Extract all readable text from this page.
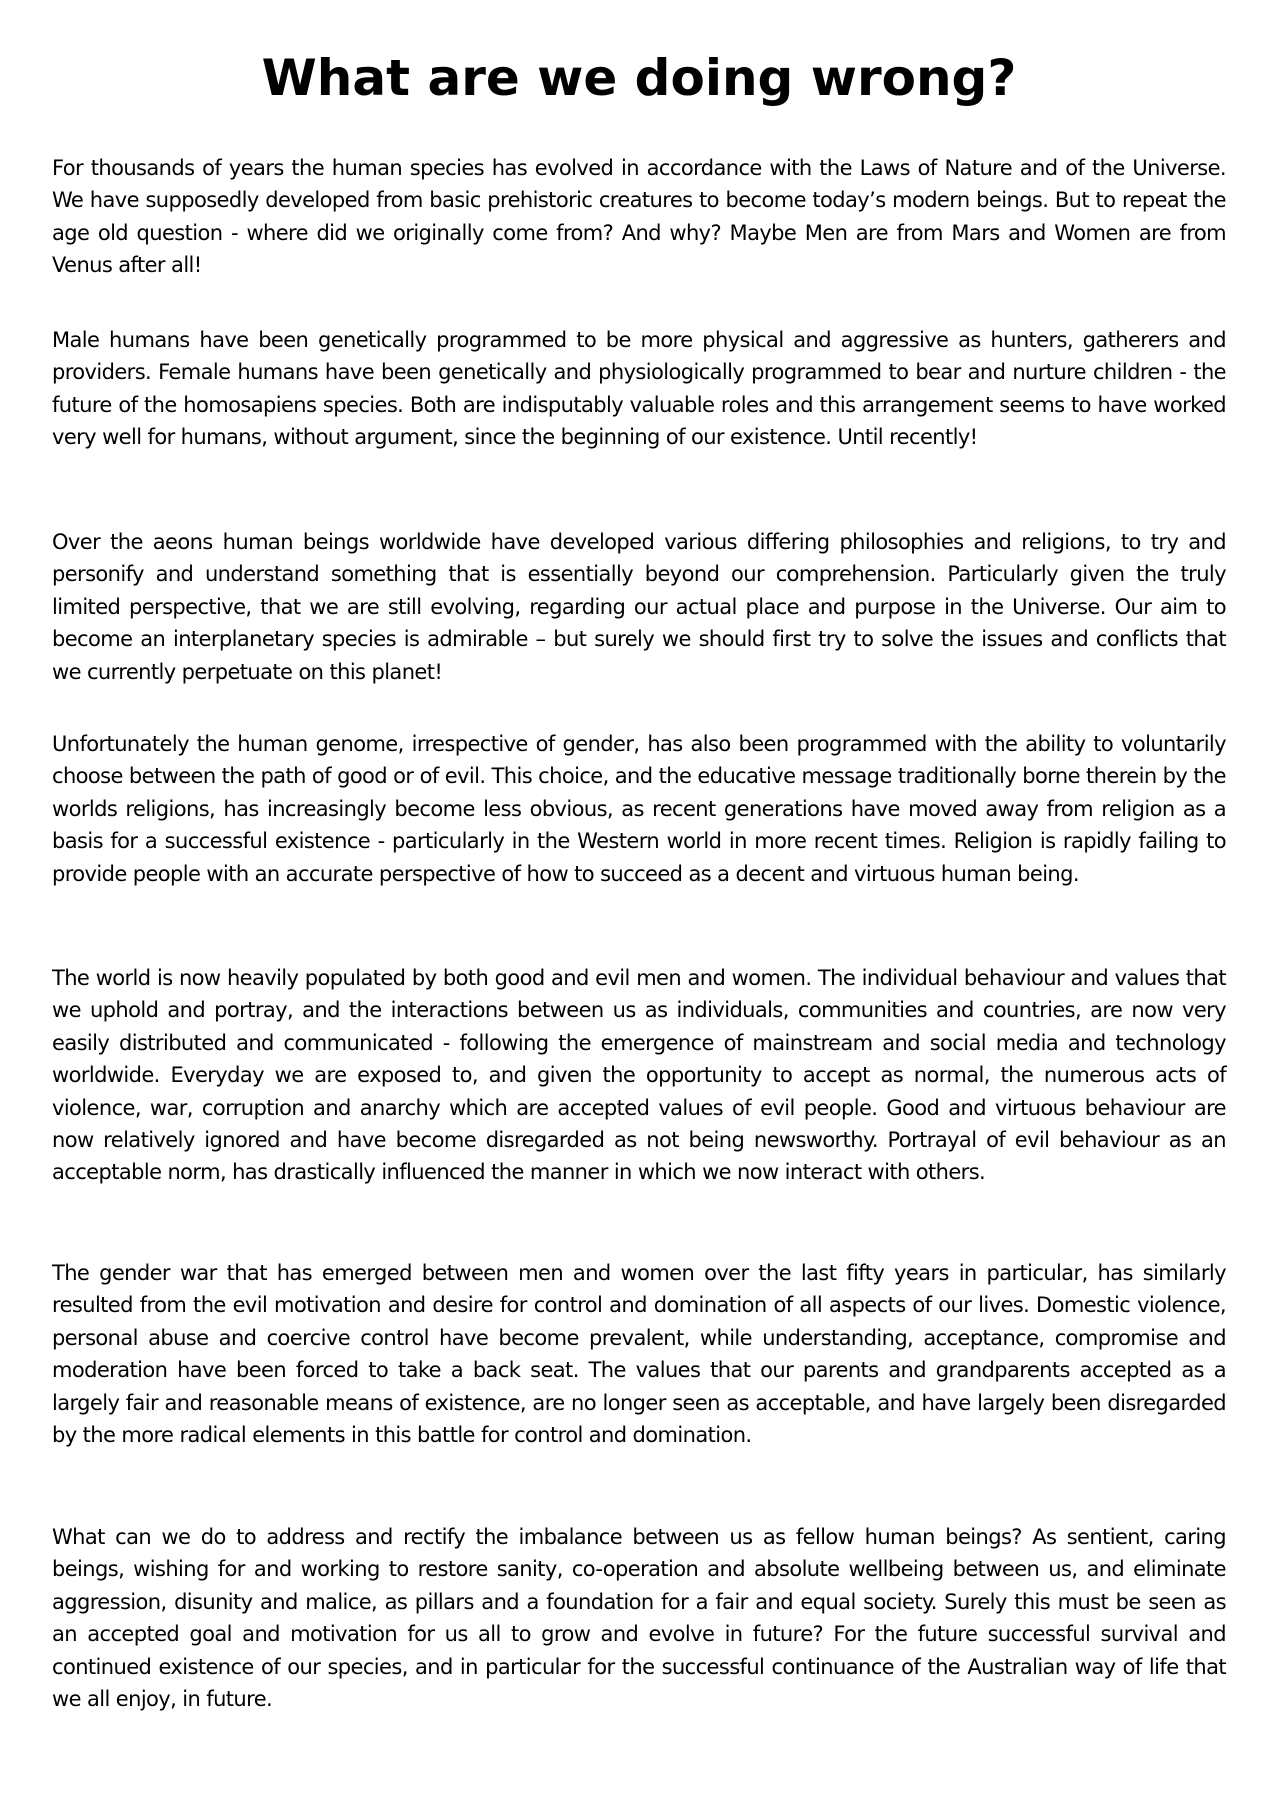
What are we doing wrong?

For thousands of years the human species has evolved in accordance with the Laws of Nature and of the Universe. We have supposedly developed from basic prehistoric creatures to become today’s modern beings. But to repeat the age old question - where did we originally come from? And why? Maybe Men are from Mars and Women are from Venus after all!

Male humans have been genetically programmed to be more physical and aggressive as hunters, gatherers and providers. Female humans have been genetically and physiologically programmed to bear and nurture children - the future of the homosapiens species. Both are indisputably valuable roles and this arrangement seems to have worked very well for humans, without argument, since the beginning of our existence. Until recently!

Over the aeons human beings worldwide have developed various differing philosophies and religions, to try and personify and understand something that is essentially beyond our comprehension. Particularly given the truly limited perspective, that we are still evolving, regarding our actual place and purpose in the Universe. Our aim to become an interplanetary species is admirable – but surely we should first try to solve the issues and conflicts that we currently perpetuate on this planet!

Unfortunately the human genome, irrespective of gender, has also been programmed with the ability to voluntarily choose between the path of good or of evil. This choice, and the educative message traditionally borne therein by the worlds religions, has increasingly become less obvious, as recent generations have moved away from religion as a basis for a successful existence - particularly in the Western world in more recent times. Religion is rapidly failing to provide people with an accurate perspective of how to succeed as a decent and virtuous human being.

The world is now heavily populated by both good and evil men and women. The individual behaviour and values that we uphold and portray, and the interactions between us as individuals, communities and countries, are now very easily distributed and communicated - following the emergence of mainstream and social media and technology worldwide. Everyday we are exposed to, and given the opportunity to accept as normal, the numerous acts of violence, war, corruption and anarchy which are accepted values of evil people. Good and virtuous behaviour are now relatively ignored and have become disregarded as not being newsworthy. Portrayal of evil behaviour as an acceptable norm, has drastically influenced the manner in which we now interact with others.

The gender war that has emerged between men and women over the last fifty years in particular, has similarly resulted from the evil motivation and desire for control and domination of all aspects of our lives. Domestic violence, personal abuse and coercive control have become prevalent, while understanding, acceptance, compromise and moderation have been forced to take a back seat. The values that our parents and grandparents accepted as a largely fair and reasonable means of existence, are no longer seen as acceptable, and have largely been disregarded by the more radical elements in this battle for control and domination.

What can we do to address and rectify the imbalance between us as fellow human beings? As sentient, caring beings, wishing for and working to restore sanity, co-operation and absolute wellbeing between us, and eliminate aggression, disunity and malice, as pillars and a foundation for a fair and equal society. Surely this must be seen as an accepted goal and motivation for us all to grow and evolve in future? For the future successful survival and continued existence of our species, and in particular for the successful continuance of the Australian way of life that we all enjoy, in future.
